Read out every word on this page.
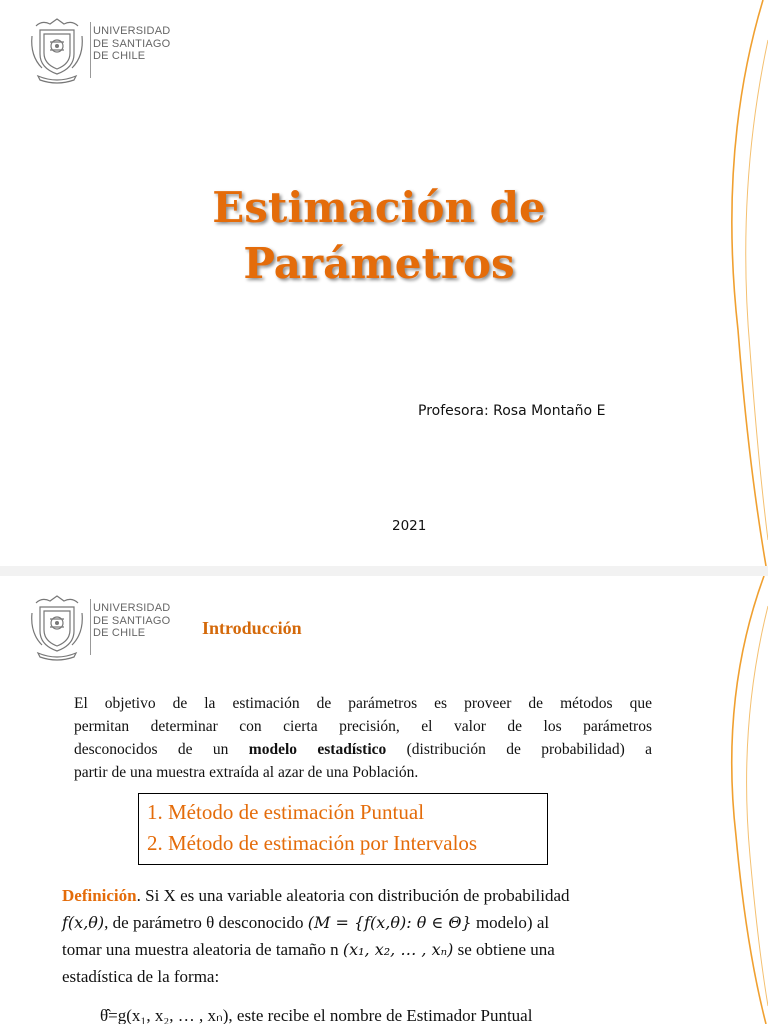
UNIVERSIDAD
DE SANTIAGO
DE CHILE
Estimación de
Parámetros
Profesora: Rosa Montaño E
2021
UNIVERSIDAD
DE SANTIAGO
DE CHILE	Introducción
El objetivo de la estimación de parámetros es proveer de métodos que
permitan determinar con cierta precisión, el valor de los parámetros
desconocidos de un modelo estadístico (distribución de probabilidad) a
partir de una muestra extraída al azar de una Población.
1. Método de estimación Puntual
2. Método de estimación por Intervalos
Definición. Si X es una variable aleatoria con distribución de probabilidad
f(x,θ), de parámetro θ desconocido (M = {f(x,θ): θ ∈ Θ} modelo) al
tomar una muestra aleatoria de tamaño n (x₁, x₂, … , xₙ) se obtiene una
estadística de la forma:
θ̂=g(x₁, x₂, … , xₙ), este recibe el nombre de Estimador Puntual
